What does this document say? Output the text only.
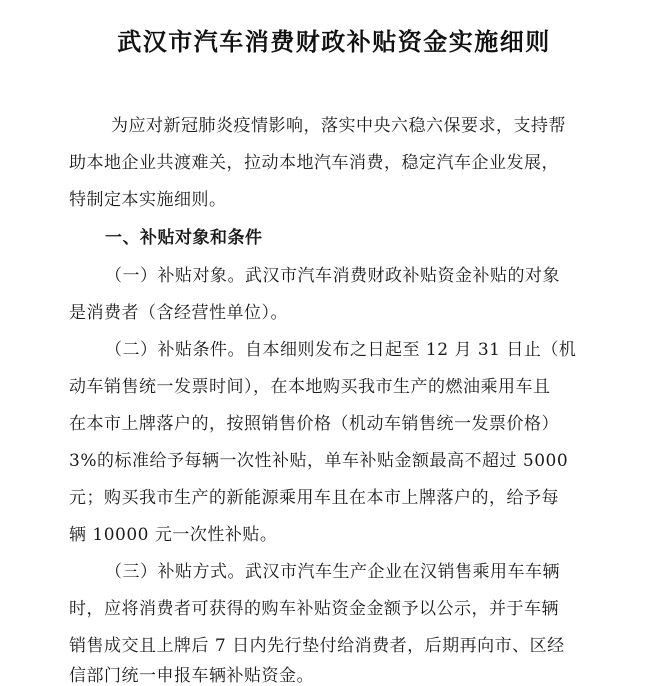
武汉市汽车消费财政补贴资金实施细则
为应对新冠肺炎疫情影响，落实中央六稳六保要求，支持帮
助本地企业共渡难关，拉动本地汽车消费，稳定汽车企业发展，
特制定本实施细则。
一、补贴对象和条件
（一）补贴对象。武汉市汽车消费财政补贴资金补贴的对象
是消费者（含经营性单位）。
（二）补贴条件。自本细则发布之日起至 12 月 31 日止（机
动车销售统一发票时间），在本地购买我市生产的燃油乘用车且
在本市上牌落户的，按照销售价格（机动车销售统一发票价格）
3%的标准给予每辆一次性补贴，单车补贴金额最高不超过 5000
元；购买我市生产的新能源乘用车且在本市上牌落户的，给予每
辆 10000 元一次性补贴。
（三）补贴方式。武汉市汽车生产企业在汉销售乘用车车辆
时，应将消费者可获得的购车补贴资金金额予以公示，并于车辆
销售成交且上牌后 7 日内先行垫付给消费者，后期再向市、区经
信部门统一申报车辆补贴资金。
